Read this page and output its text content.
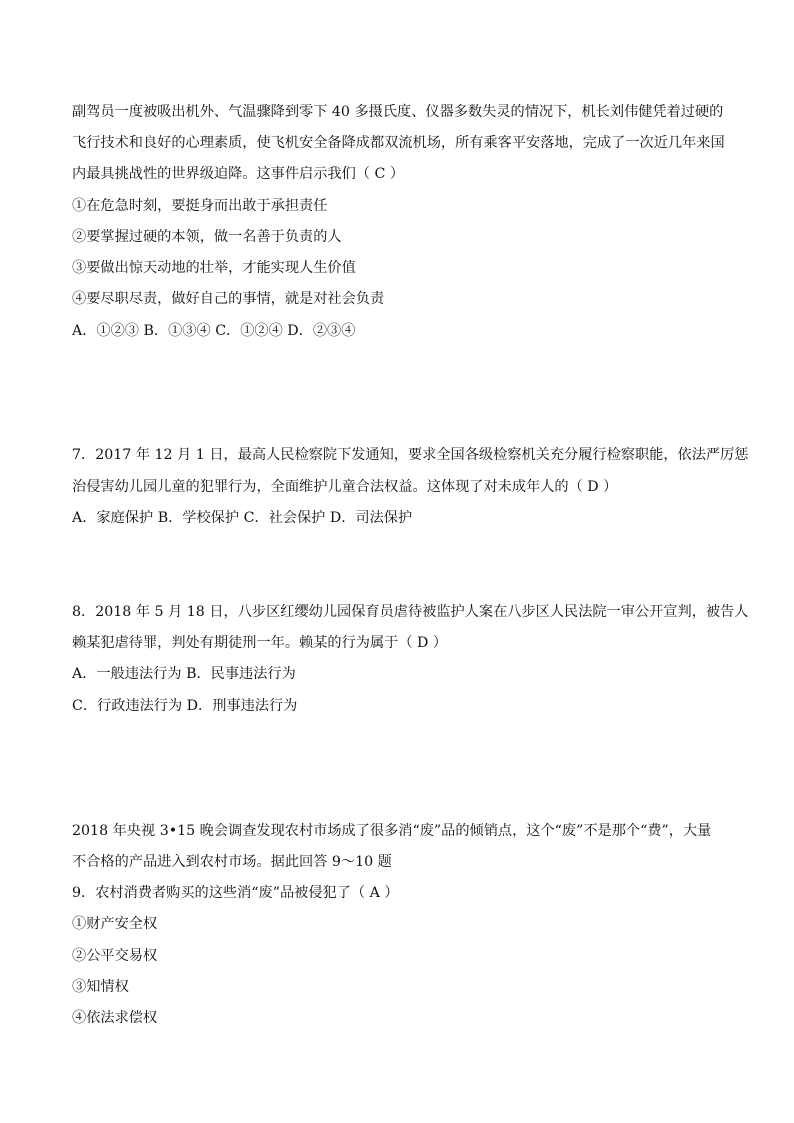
副驾员一度被吸出机外、气温骤降到零下 40 多摄氏度、仪器多数失灵的情况下，机长刘伟健凭着过硬的
飞行技术和良好的心理素质，使飞机安全备降成都双流机场，所有乘客平安落地，完成了一次近几年来国
内最具挑战性的世界级迫降。这事件启示我们（ C ）
①在危急时刻，要挺身而出敢于承担责任
②要掌握过硬的本领，做一名善于负责的人
③要做出惊天动地的壮举，才能实现人生价值
④要尽职尽责，做好自己的事情，就是对社会负责
A．①②③ B．①③④ C．①②④ D．②③④
7．2017 年 12 月 1 日，最高人民检察院下发通知，要求全国各级检察机关充分履行检察职能，依法严厉惩
治侵害幼儿园儿童的犯罪行为，全面维护儿童合法权益。这体现了对未成年人的（ D ）
A．家庭保护 B．学校保护 C．社会保护 D．司法保护
8．2018 年 5 月 18 日，八步区红缨幼儿园保育员虐待被监护人案在八步区人民法院一审公开宣判，被告人
赖某犯虐待罪，判处有期徒刑一年。赖某的行为属于（ D ）
A．一般违法行为 B．民事违法行为
C．行政违法行为 D．刑事违法行为
2018 年央视 3•15 晚会调查发现农村市场成了很多消“废”品的倾销点，这个“废”不是那个“费”，大量
不合格的产品进入到农村市场。据此回答 9～10 题
9．农村消费者购买的这些消“废”品被侵犯了（ A ）
①财产安全权
②公平交易权
③知情权
④依法求偿权
